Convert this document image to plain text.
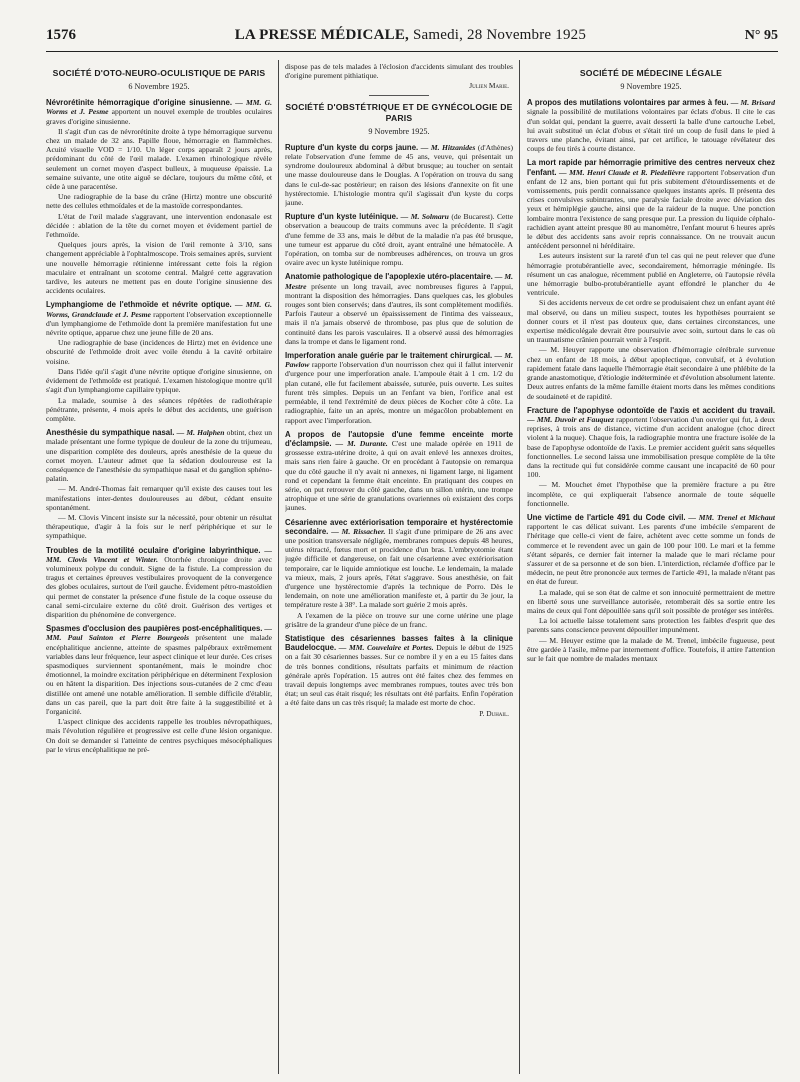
1576	LA PRESSE MÉDICALE, Samedi, 28 Novembre 1925	N° 95
SOCIÉTÉ D'OTO-NEURO-OCULISTIQUE DE PARIS
6 Novembre 1925.

Névrorétinite hémorragique d'origine sinusienne. — MM. G. Worms et J. Pesme apportent un nouvel exemple de troubles oculaires graves d'origine sinusienne.

Il s'agit d'un cas de névrorétinite droite à type hémorragique survenu chez un malade de 32 ans. Papille floue, hémorragie en flammèches. Acuité visuelle VOD = 1/10. Un léger corps apparaît 2 jours après, prédominant du côté de l'œil malade. L'examen rhinologique révèle seulement un cornet moyen d'aspect bulleux, à muqueuse épaissie. La semaine suivante, une otite aiguë se déclare, toujours du même côté, et cède à une paracentèse.

Une radiographie de la base du crâne (Hirtz) montre une obscurité nette des cellules ethmoïdales et de la mastoïde correspondantes.

L'état de l'œil malade s'aggravant, une intervention endonasale est décidée : ablation de la tête du cornet moyen et évidement partiel de l'ethmoïde.

Quelques jours après, la vision de l'œil remonte à 3/10, sans changement appréciable à l'ophtalmoscope. Trois semaines après, survient une nouvelle hémorragie rétinienne intéressant cette fois la région maculaire et entraînant un scotome central. Malgré cette aggravation tardive, les auteurs ne mettent pas en doute l'origine sinusienne des accidents oculaires.

Lymphangiome de l'ethmoïde et névrite optique. — MM. G. Worms, Grandclaude et J. Pesme rapportent l'observation exceptionnelle d'un lymphangiome de l'ethmoïde dont la première manifestation fut une névrite optique, apparue chez une jeune fille de 20 ans.

Une radiographie de base (incidences de Hirtz) met en évidence une obscurité de l'ethmoïde droit avec voile étendu à la cavité orbitaire voisine.

Dans l'idée qu'il s'agit d'une névrite optique d'origine sinusienne, on évidement de l'ethmoïde est pratiqué. L'examen histologique montre qu'il s'agit d'un lymphangiome capillaire typique.

La malade, soumise à des séances répétées de radiothérapie pénétrante, présente, 4 mois après le début des accidents, une guérison complète.

Anesthésie du sympathique nasal. — M. Halphen obtint, chez un malade présentant une forme typique de douleur de la zone du trijumeau, une disparition complète des douleurs, après anesthésie de la queue du cornet moyen. L'auteur admet que la sédation douloureuse est la conséquence de l'anesthésie du sympathique nasal et du ganglion sphéno-palatin.

— M. André-Thomas fait remarquer qu'il existe des causes tout les manifestations inter-dentes douloureuses au début, cédant ensuite spontanément.

— M. Clovis Vincent insiste sur la nécessité, pour obtenir un résultat thérapeutique, d'agir à la fois sur le nerf périphérique et sur le sympathique.

Troubles de la motilité oculaire d'origine labyrinthique. — MM. Clovis Vincent et Winter. Otorrhée chronique droite avec volumineux polype du conduit. Signe de la fistule. La compression du tragus et certaines épreuves vestibulaires provoquent de la convergence des globes oculaires, surtout de l'œil gauche. Évidement pétro-mastoïdien qui permet de constater la présence d'une fistule de la coque osseuse du canal semi-circulaire externe du côté droit. Guérison des vertiges et disparition du phénomène de convergence.

Spasmes d'occlusion des paupières post-encéphalitiques. — MM. Paul Sainton et Pierre Bourgeois présentent une malade encéphalitique ancienne, atteinte de spasmes palpébraux extrêmement variables dans leur fréquence, leur aspect clinique et leur durée. Ces crises spasmodiques surviennent spontanément, mais le moindre choc émotionnel, la moindre excitation périphérique en déterminent l'explosion ou en hâtent la disparition. Des injections sous-cutanées de 2 cmc d'eau distillée ont amené une notable amélioration. Il semble difficile d'établir, dans un cas pareil, que la part doit être faite à la suggestibilité et à l'organicité.

L'aspect clinique des accidents rappelle les troubles névropathiques, mais l'évolution régulière et progressive est celle d'une lésion organique. On doit se demander si l'atteinte de centres psychiques mésocéphaliques par le virus encéphalitique ne pré-

dispose pas de tels malades à l'éclosion d'accidents simulant des troubles d'origine purement pithiatique.

Julien Marie.
SOCIÉTÉ D'OBSTÉTRIQUE ET DE GYNÉCOLOGIE DE PARIS
9 Novembre 1925.

Rupture d'un kyste du corps jaune. — M. Hitzanides (d'Athènes) relate l'observation d'une femme de 45 ans, veuve, qui présentait un syndrome douloureux abdominal à début brusque; au toucher on sentait une masse douloureuse dans le Douglas. A l'opération on trouva du sang dans le cul-de-sac postérieur; en raison des lésions d'annexite on fit une hystérectomie. L'histologie montra qu'il s'agissait d'un kyste du corps jaune.

Rupture d'un kyste lutéinique. — M. Solmaru (de Bucarest). Cette observation a beaucoup de traits communs avec la précédente. Il s'agit d'une femme de 33 ans, mais le début de la maladie n'a pas été brusque, une tumeur est apparue du côté droit, ayant entraîné une hématocèle. A l'opération, on tomba sur de nombreuses adhérences, on trouva un gros ovaire avec un kyste lutéinique rompu.

Anatomie pathologique de l'apoplexie utéro-placentaire. — M. Mestre présente un long travail, avec nombreuses figures à l'appui, montrant la disposition des hémorragies. Dans quelques cas, les globules rouges sont bien conservés; dans d'autres, ils sont complètement modifiés. Parfois l'auteur a observé un épaississement de l'intima des vaisseaux, mais il n'a jamais observé de thrombose, pas plus que de solution de continuité dans les parois vasculaires. Il a observé aussi des hémorragies dans la trompe et dans le ligament rond.

Imperforation anale guérie par le traitement chirurgical. — M. Pawlow rapporte l'observation d'un nourrisson chez qui il fallut intervenir d'urgence pour une imperforation anale. L'ampoule était à 1 cm. 1/2 du plan cutané, elle fut facilement abaissée, suturée, puis ouverte. Les suites furent très simples. Depuis un an l'enfant va bien, l'orifice anal est perméable, il tend l'extrémité de deux pièces de Kocher côte à côte. La radiographie, faite un an après, montre un mégacôlon probablement en rapport avec l'imperforation.

A propos de l'autopsie d'une femme enceinte morte d'éclampsie. — M. Durante. C'est une malade opérée en 1911 de grossesse extra-utérine droite, à qui on avait enlevé les annexes droites, mais sans rien faire à gauche. Or en procédant à l'autopsie on remarqua que du côté gauche il n'y avait ni annexes, ni ligament large, ni ligament rond et cependant la femme était enceinte. En pratiquant des coupes en série, on put retrouver du côté gauche, dans un sillon utérin, une trompe atrophique et une série de granulations ovariennes où existaient des corps jaunes.

Césarienne avec extériorisation temporaire et hystérectomie secondaire. — M. Rissacher. Il s'agit d'une primipare de 26 ans avec une position transversale négligée, membranes rompues depuis 48 heures, utérus rétracté, fœtus mort et procidence d'un bras. L'embryotomie étant jugée difficile et dangereuse, on fait une césarienne avec extériorisation temporaire, car le liquide amniotique est louche. Le lendemain, la malade va mieux, mais, 2 jours après, l'état s'aggrave. Sous anesthésie, on fait d'urgence une hystérectomie d'après la technique de Porro. Dès le lendemain, on note une amélioration manifeste et, à partir du 3e jour, la température reste à 38°. La malade sort guérie 2 mois après.

A l'examen de la pièce on trouve sur une corne utérine une plage grisâtre de la grandeur d'une pièce de un franc.

Statistique des césariennes basses faites à la clinique Baudelocque. — MM. Couvelaire et Portes. Depuis le début de 1925 on a fait 30 césariennes basses. Sur ce nombre il y en a eu 15 faites dans de très bonnes conditions, résultats parfaits et minimum de réaction générale après l'opération. 15 autres ont été faites chez des femmes en travail depuis longtemps avec membranes rompues, toutes avec très bon état; un seul cas était risqué; les résultats ont été parfaits. Enfin l'opération a été faite dans un cas très risqué; la malade est morte de choc.

P. Duhail.
SOCIÉTÉ DE MÉDECINE LÉGALE
9 Novembre 1925.

A propos des mutilations volontaires par armes à feu. — M. Brisard signale la possibilité de mutilations volontaires par éclats d'obus. Il cite le cas d'un soldat qui, pendant la guerre, avait desserti la balle d'une cartouche Lebel, lui avait substitué un éclat d'obus et s'était tiré un coup de fusil dans le pied à travers une planche, évitant ainsi, par cet artifice, le tatouage révélateur des coups de feu tirés à courte distance.

La mort rapide par hémorragie primitive des centres nerveux chez l'enfant. — MM. Henri Claude et R. Piedelièvre rapportent l'observation d'un enfant de 12 ans, bien portant qui fut pris subitement d'étourdissements et de vomissements, puis perdit connaissance quelques instants après. Il présenta des crises convulsives subintrantes, une paralysie faciale droite avec déviation des yeux et hémiplégie gauche, ainsi que de la raideur de la nuque. Une ponction lombaire montra l'existence de sang presque pur. La pression du liquide céphalo-rachidien ayant atteint presque 80 au manomètre, l'enfant mourut 6 heures après le début des accidents sans avoir repris connaissance. On ne trouvait aucun antécédent personnel ni héréditaire.

Les auteurs insistent sur la rareté d'un tel cas qui ne peut relever que d'une hémorragie protubérantielle avec, secondairement, hémorragie méningée. Ils résument un cas analogue, récemment publié en Angleterre, où l'autopsie révéla une hémorragie bulbo-protubérantielle ayant effondré le plancher du 4e ventricule.

Si des accidents nerveux de cet ordre se produisaient chez un enfant ayant été mal observé, ou dans un milieu suspect, toutes les hypothèses pourraient se donner cours et il n'est pas douteux que, dans certaines circonstances, une expertise médicolégale devrait être poursuivie avec soin, surtout dans le cas où un traumatisme crânien pourrait venir à l'esprit.

— M. Heuyer rapporte une observation d'hémorragie cérébrale survenue chez un enfant de 18 mois, à début apoplectique, convulsif, et à évolution rapidement fatale dans laquelle l'hémorragie était secondaire à une phlébite de la grande anastomotique, d'étiologie indéterminée et d'évolution absolument latente. Deux autres enfants de la même famille étaient morts dans les mêmes conditions de soudaineté et de rapidité.

Fracture de l'apophyse odontoïde de l'axis et accident du travail. — MM. Duvoir et Fauquez rapportent l'observation d'un ouvrier qui fut, à deux reprises, à trois ans de distance, victime d'un accident analogue (choc direct violent à la nuque). Chaque fois, la radiographie montra une fracture isolée de la base de l'apophyse odontoïde de l'axis. Le premier accident guérit sans séquelles fonctionnelles. Le second laissa une immobilisation presque complète de la tête dans la rectitude qui fut considérée comme causant une incapacité de 60 pour 100.

— M. Mouchet émet l'hypothèse que la première fracture a pu être incomplète, ce qui expliquerait l'absence anormale de toute séquelle fonctionnelle.

Une victime de l'article 491 du Code civil. — MM. Trenel et Michaut rapportent le cas délicat suivant. Les parents d'une imbécile s'emparent de l'héritage que celle-ci vient de faire, achètent avec cette somme un fonds de commerce et le revendent avec un gain de 100 pour 100. Le mari et la femme s'étant séparés, ce dernier fait interner la malade que le mari réclame pour s'assurer et de sa personne et de son bien. L'interdiction, réclamée d'office par le médecin, ne peut être prononcée aux termes de l'article 491, la malade n'étant pas en état de fureur.

La malade, qui se son état de calme et son innocuité permettraient de mettre en liberté sous une surveillance autorisée, retomberait dès sa sortie entre les mains de ceux qui l'ont dépouillée sans qu'il soit possible de protéger ses intérêts.

La loi actuelle laisse totalement sans protection les faibles d'esprit que des parents sans conscience peuvent dépouiller impunément.

— M. Heuyer estime que la malade de M. Trenel, imbécile fugueuse, peut être gardée à l'asile, même par internement d'office. Toutefois, il attire l'attention sur le fait que nombre de malades mentaux
